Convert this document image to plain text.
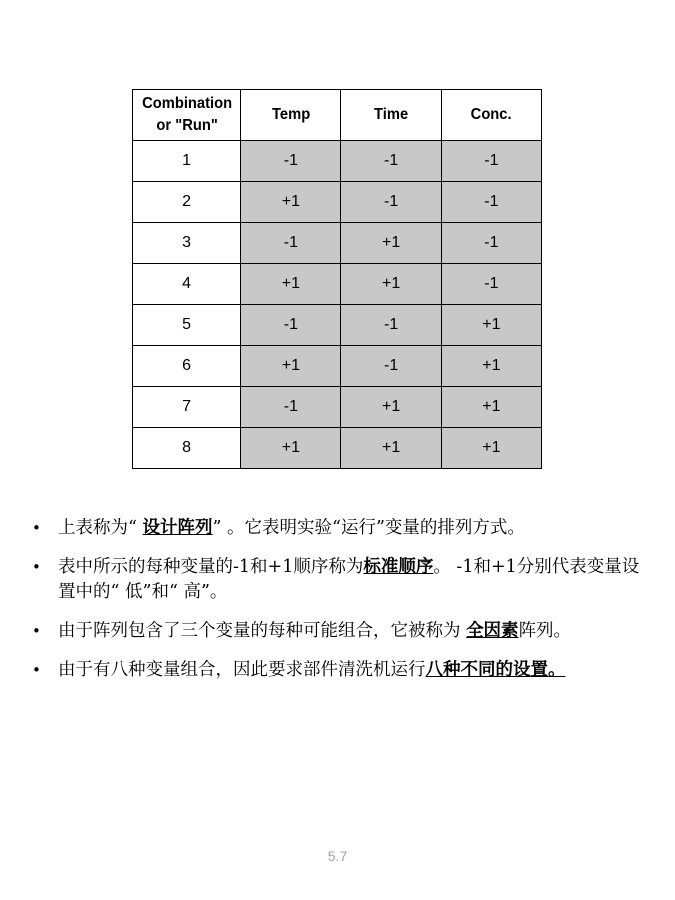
Combination
or "Run"	Temp	Time	Conc.
1	-1	-1	-1
2	+1	-1	-1
3	-1	+1	-1
4	+1	+1	-1
5	-1	-1	+1
6	+1	-1	+1
7	-1	+1	+1
8	+1	+1	+1
• 上表称为“ 设计阵列” 。它表明实验“运行”变量的排列方式。
• 表中所示的每种变量的-1和+1顺序称为标准顺序。 -1和+1分别代表变量设置中的“ 低”和“ 高”。
• 由于阵列包含了三个变量的每种可能组合，它被称为 全因素阵列。
• 由于有八种变量组合，因此要求部件清洗机运行八种不同的设置。
5.7
